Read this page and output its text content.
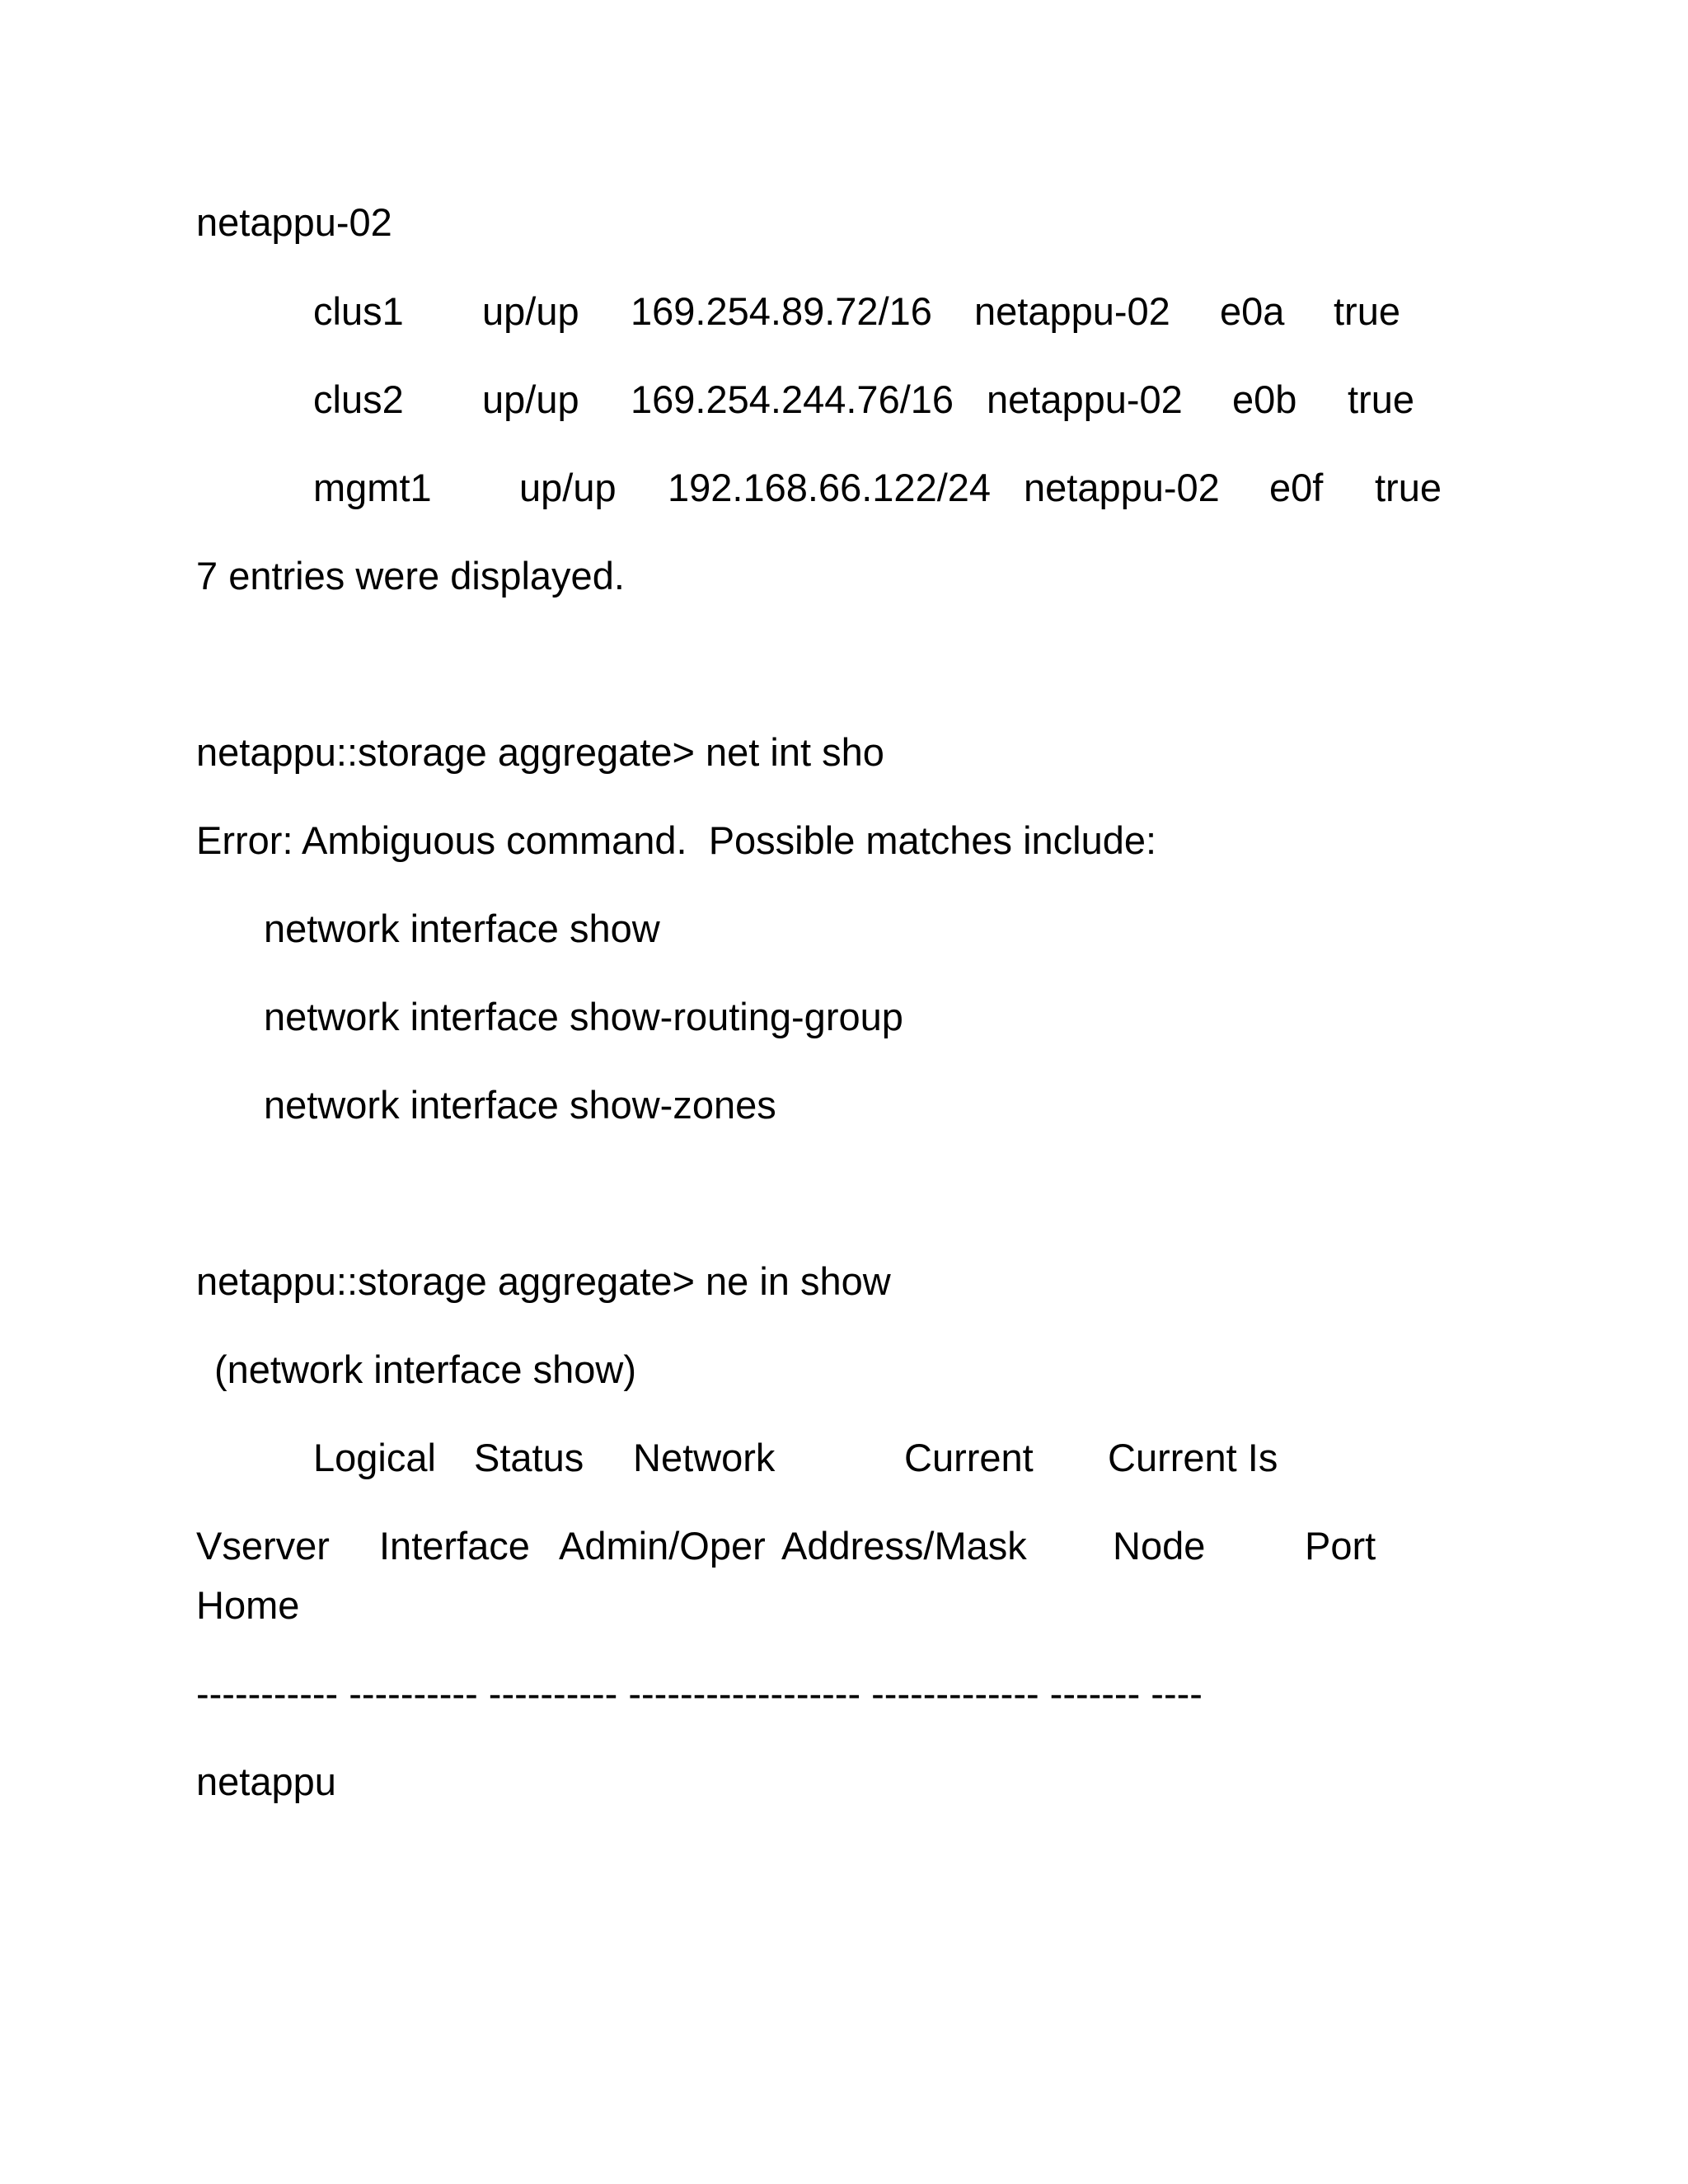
netappu-02
clus1 up/up 169.254.89.72/16 netappu-02 e0a true
clus2 up/up 169.254.244.76/16 netappu-02 e0b true
mgmt1 up/up 192.168.66.122/24 netappu-02 e0f true
7 entries were displayed.
netappu::storage aggregate> net int sho
Error: Ambiguous command.  Possible matches include:
network interface show
network interface show-routing-group
network interface show-zones
netappu::storage aggregate> ne in show
(network interface show)
Logical Status Network	Current Current Is
Vserver Interface Admin/Oper Address/Mask Node	Port
Home
----------- ---------- ---------- ------------------ ------------- ------- ----
netappu
